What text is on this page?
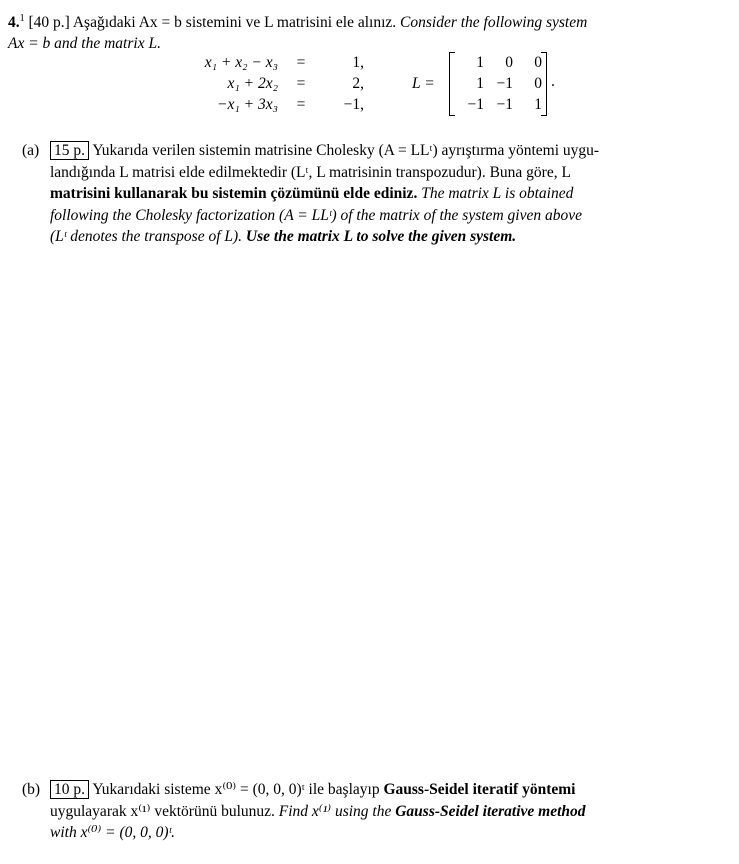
4.$^1$ [40 p.] Aşağıdaki Ax = b sistemini ve L matrisini ele alınız. Consider the following system
Ax = b and the matrix L.
x₁ + x₂ − x₃	=	1,
x₁ + 2x₂	=	2,
−x₁ + 3x₃	=	−1,
L =
1	0	0
1	−1	0
−1	−1	1
.
(a) 15 p. Yukarıda verilen sistemin matrisine Cholesky (A = LLᵗ) ayrıştırma yöntemi uygu-
landığında L matrisi elde edilmektedir (Lᵗ, L matrisinin transpozudur). Buna göre, L
matrisini kullanarak bu sistemin çözümünü elde ediniz. The matrix L is obtained
following the Cholesky factorization (A = LLᵗ) of the matrix of the system given above
(Lᵗ denotes the transpose of L). Use the matrix L to solve the given system.
(b) 10 p. Yukarıdaki sisteme x⁽⁰⁾ = (0, 0, 0)ᵗ ile başlayıp Gauss-Seidel iteratif yöntemi
uygulayarak x⁽¹⁾ vektörünü bulunuz. Find x⁽¹⁾ using the Gauss-Seidel iterative method
with x⁽⁰⁾ = (0, 0, 0)ᵗ.
